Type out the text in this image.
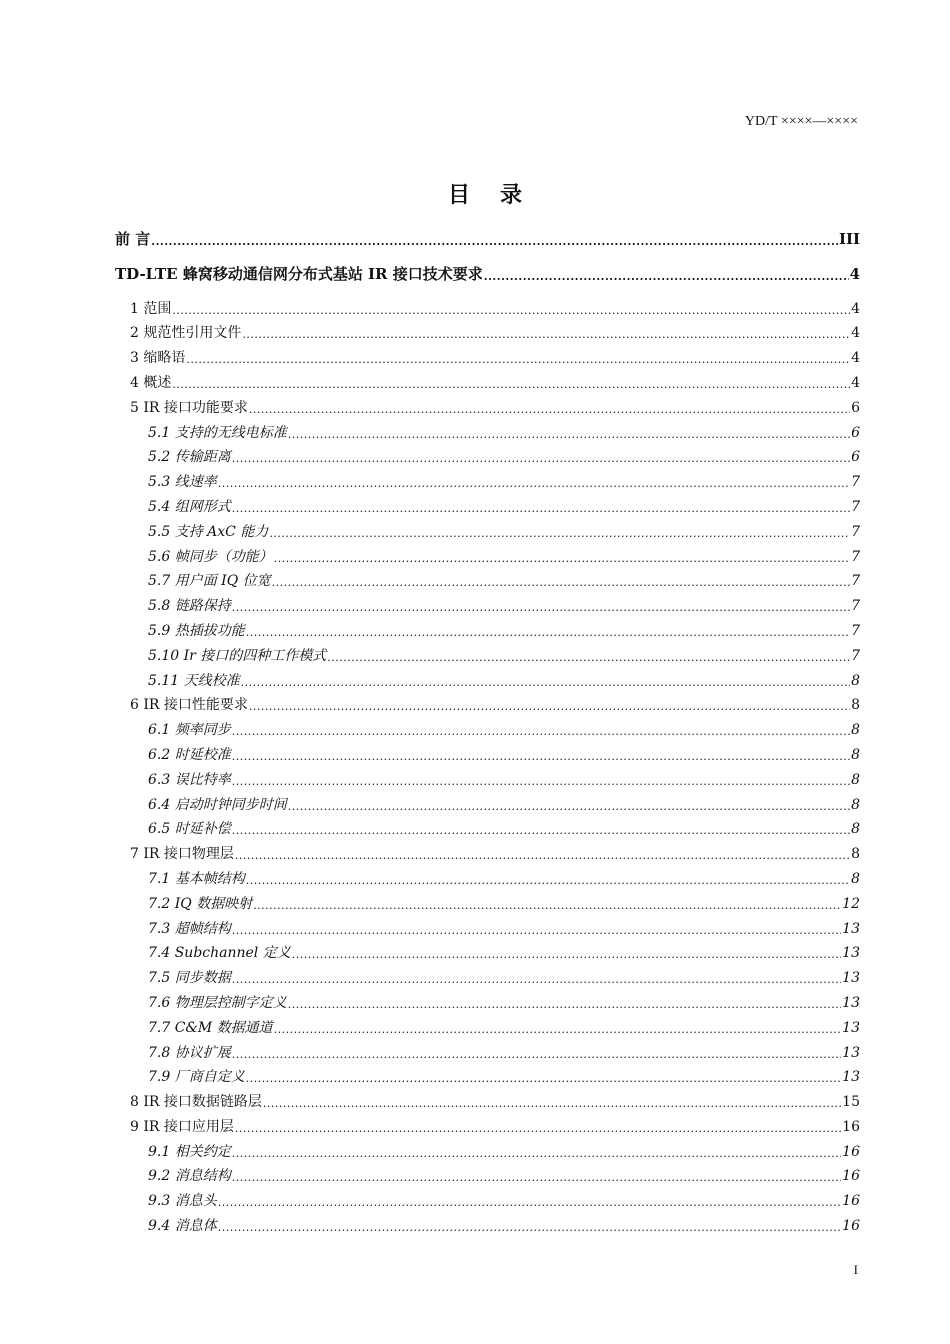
YD/T ××××—××××
目录
前 言 .....	III
TD-LTE 蜂窝移动通信网分布式基站 IR 接口技术要求 .....	4
1 范围 .....	4
2 规范性引用文件 .....	4
3 缩略语 .....	4
4 概述 .....	4
5 IR 接口功能要求 .....	6
5.1 支持的无线电标准 .....	6
5.2 传输距离 .....	6
5.3 线速率 .....	7
5.4 组网形式 .....	7
5.5 支持 AxC 能力 .....	7
5.6 帧同步（功能） .....	7
5.7 用户面 IQ 位宽 .....	7
5.8 链路保持 .....	7
5.9 热插拔功能 .....	7
5.10 Ir 接口的四种工作模式 .....	7
5.11 天线校准 .....	8
6 IR 接口性能要求 .....	8
6.1 频率同步 .....	8
6.2 时延校准 .....	8
6.3 误比特率 .....	8
6.4 启动时钟同步时间 .....	8
6.5 时延补偿 .....	8
7 IR 接口物理层 .....	8
7.1 基本帧结构 .....	8
7.2 IQ 数据映射 .....	12
7.3 超帧结构 .....	13
7.4 Subchannel 定义 .....	13
7.5 同步数据 .....	13
7.6 物理层控制字定义 .....	13
7.7 C&M 数据通道 .....	13
7.8 协议扩展 .....	13
7.9 厂商自定义 .....	13
8 IR 接口数据链路层 .....	15
9 IR 接口应用层 .....	16
9.1 相关约定 .....	16
9.2 消息结构 .....	16
9.3 消息头 .....	16
9.4 消息体 .....	16
I
